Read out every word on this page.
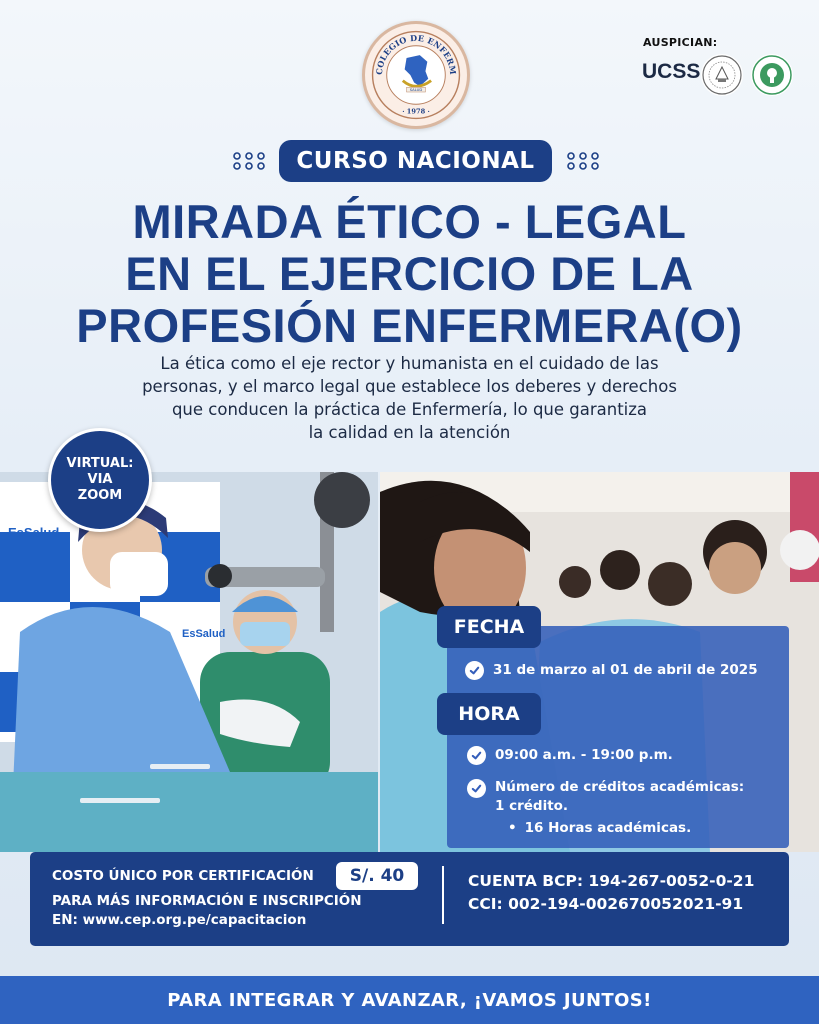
COLEGIO DE ENFERM
SALUD
· 1978 ·
AUSPICIAN:
UCSS
CURSO NACIONAL
MIRADA ÉTICO - LEGAL
EN EL EJERCICIO DE LA
PROFESIÓN ENFERMERA(O)
La ética como el eje rector y humanista en el cuidado de las
personas, y el marco legal que establece los deberes y derechos
que conducen la práctica de Enfermería, lo que garantiza
la calidad en la atención
EsSalud
EsSalud
EsSalud
VIRTUAL:
VIA
ZOOM
FECHA
31 de marzo al 01 de abril de 2025
HORA
09:00 a.m. - 19:00 p.m.
Número de créditos académicas:
1 crédito.
• 16 Horas académicas.
COSTO ÚNICO POR CERTIFICACIÓN	S/. 40
PARA MÁS INFORMACIÓN E INSCRIPCIÓN
EN: www.cep.org.pe/capacitacion
CUENTA BCP: 194-267-0052-0-21
CCI: 002-194-002670052021-91
PARA INTEGRAR Y AVANZAR, ¡VAMOS JUNTOS!
